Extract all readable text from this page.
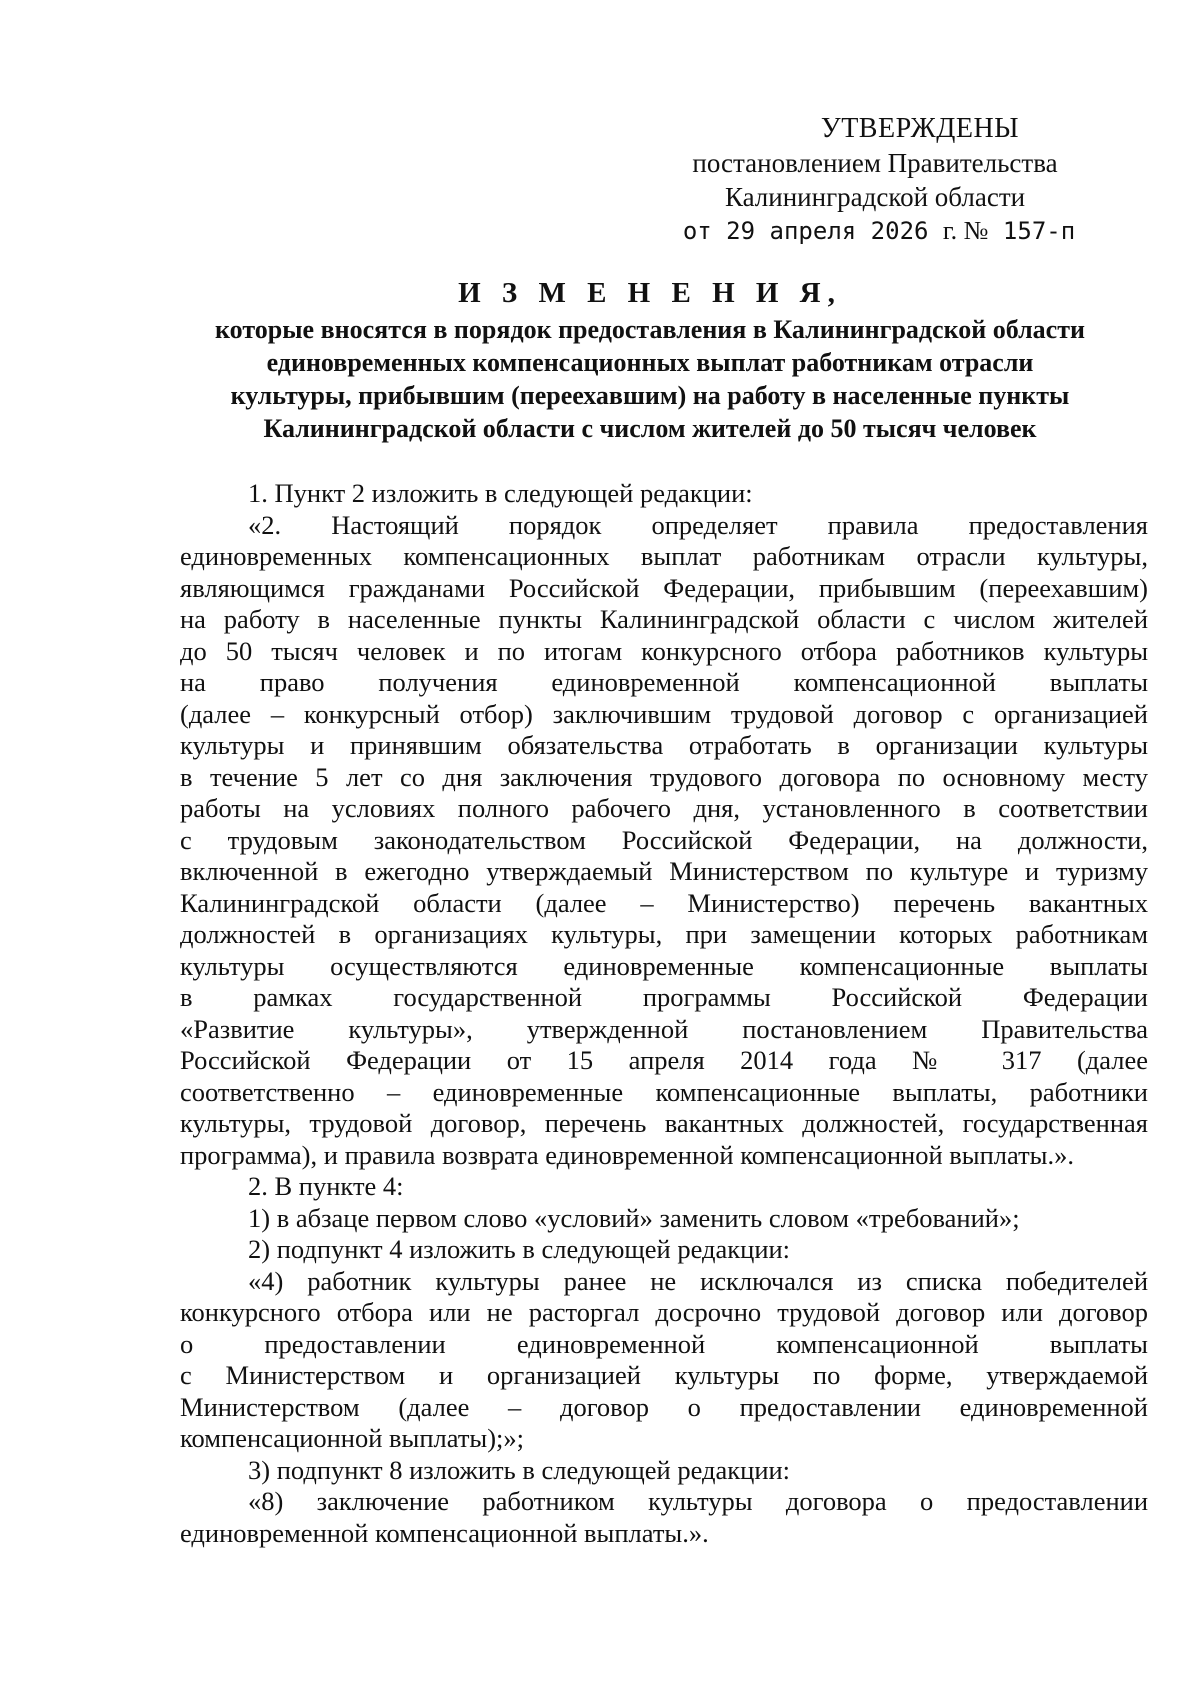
УТВЕРЖДЕНЫ
постановлением Правительства
Калининградской области
от 29 апреля 2026 г. № 157-п
И З М Е Н Е Н И Я,
которые вносятся в порядок предоставления в Калининградской области
единовременных компенсационных выплат работникам отрасли
культуры, прибывшим (переехавшим) на работу в населенные пункты
Калининградской области с числом жителей до 50 тысяч человек
1. Пункт 2 изложить в следующей редакции:
«2. Настоящий порядок определяет правила предоставления
единовременных компенсационных выплат работникам отрасли культуры,
являющимся гражданами Российской Федерации, прибывшим (переехавшим)
на работу в населенные пункты Калининградской области с числом жителей
до 50 тысяч человек и по итогам конкурсного отбора работников культуры
на право получения единовременной компенсационной выплаты
(далее – конкурсный отбор) заключившим трудовой договор с организацией
культуры и принявшим обязательства отработать в организации культуры
в течение 5 лет со дня заключения трудового договора по основному месту
работы на условиях полного рабочего дня, установленного в соответствии
с трудовым законодательством Российской Федерации, на должности,
включенной в ежегодно утверждаемый Министерством по культуре и туризму
Калининградской области (далее – Министерство) перечень вакантных
должностей в организациях культуры, при замещении которых работникам
культуры осуществляются единовременные компенсационные выплаты
в рамках государственной программы Российской Федерации
«Развитие культуры», утвержденной постановлением Правительства
Российской Федерации от 15 апреля 2014 года № 317 (далее
соответственно – единовременные компенсационные выплаты, работники
культуры, трудовой договор, перечень вакантных должностей, государственная
программа), и правила возврата единовременной компенсационной выплаты.».
2. В пункте 4:
1) в абзаце первом слово «условий» заменить словом «требований»;
2) подпункт 4 изложить в следующей редакции:
«4) работник культуры ранее не исключался из списка победителей
конкурсного отбора или не расторгал досрочно трудовой договор или договор
о предоставлении единовременной компенсационной выплаты
с Министерством и организацией культуры по форме, утверждаемой
Министерством (далее – договор о предоставлении единовременной
компенсационной выплаты);»;
3) подпункт 8 изложить в следующей редакции:
«8) заключение работником культуры договора о предоставлении
единовременной компенсационной выплаты.».
